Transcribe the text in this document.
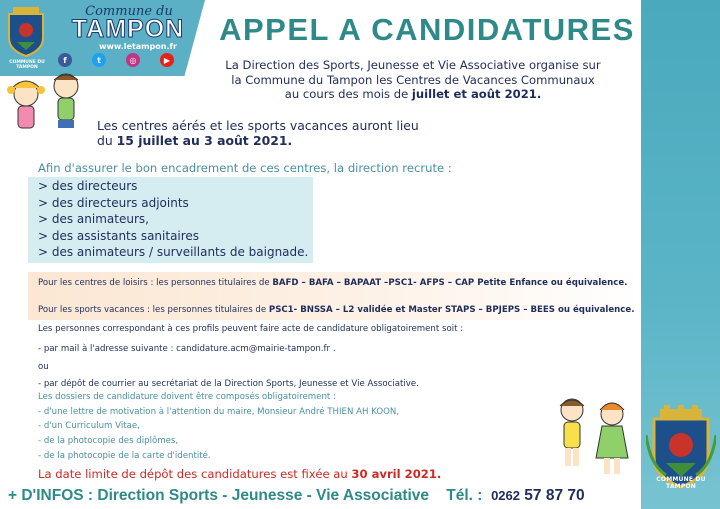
COMMUNE DU TAMPON
COMMUNE DU TAMPON
Commune du
TAMPON
www.letampon.fr
f	t	◎	▶
APPEL A CANDIDATURES
La Direction des Sports, Jeunesse et Vie Associative organise sur
la Commune du Tampon les Centres de Vacances Communaux
au cours des mois de juillet et août 2021.
Les centres aérés et les sports vacances auront lieu
du 15 juillet au 3 août 2021.
Afin d'assurer le bon encadrement de ces centres, la direction recrute :
> des directeurs
> des directeurs adjoints
> des animateurs,
> des assistants sanitaires
> des animateurs / surveillants de baignade.
Pour les centres de loisirs : les personnes titulaires de BAFD – BAFA – BAPAAT –PSC1- AFPS – CAP Petite Enfance ou équivalence.
Pour les sports vacances : les personnes titulaires de PSC1- BNSSA – L2 validée et Master STAPS – BPJEPS – BEES ou équivalence.
Les personnes correspondant à ces profils peuvent faire acte de candidature obligatoirement soit :
- par mail à l'adresse suivante : candidature.acm@mairie-tampon.fr .
ou
- par dépôt de courrier au secrétariat de la Direction Sports, Jeunesse et Vie Associative.
Les dossiers de candidature doivent être composés obligatoirement :
- d'une lettre de motivation à l'attention du maire, Monsieur André THIEN AH KOON,
- d'un Curriculum Vitae,
- de la photocopie des diplômes,
- de la photocopie de la carte d'identité.
La date limite de dépôt des candidatures est fixée au 30 avril 2021.
+ D'INFOS : Direction Sports - Jeunesse - Vie Associative Tél. : 0262 57 87 70
